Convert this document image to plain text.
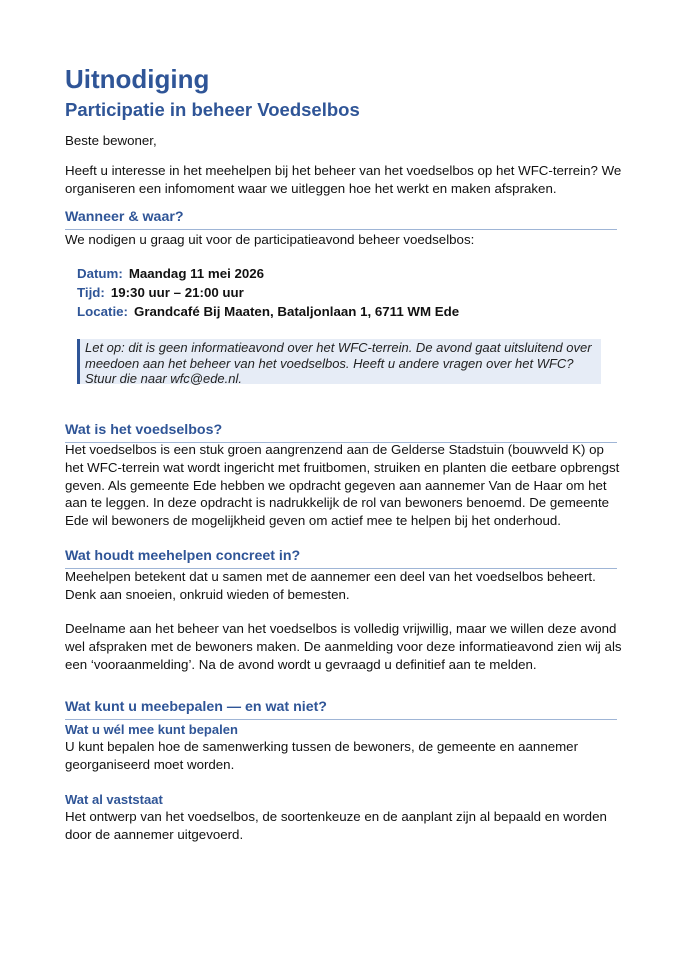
Uitnodiging
Participatie in beheer Voedselbos

Beste bewoner,

Heeft u interesse in het meehelpen bij het beheer van het voedselbos op het WFC-terrein? We organiseren een infomoment waar we uitleggen hoe het werkt en maken afspraken.

Wanneer & waar?

We nodigen u graag uit voor de participatieavond beheer voedselbos:

Datum: Maandag 11 mei 2026
Tijd: 19:30 uur – 21:00 uur
Locatie: Grandcafé Bij Maaten, Bataljonlaan 1, 6711 WM Ede

Let op: dit is geen informatieavond over het WFC-terrein. De avond gaat uitsluitend over meedoen aan het beheer van het voedselbos. Heeft u andere vragen over het WFC? Stuur die naar wfc@ede.nl.

Wat is het voedselbos?

Het voedselbos is een stuk groen aangrenzend aan de Gelderse Stadstuin (bouwveld K) op het WFC-terrein wat wordt ingericht met fruitbomen, struiken en planten die eetbare opbrengst geven. Als gemeente Ede hebben we opdracht gegeven aan aannemer Van de Haar om het aan te leggen. In deze opdracht is nadrukkelijk de rol van bewoners benoemd. De gemeente Ede wil bewoners de mogelijkheid geven om actief mee te helpen bij het onderhoud.

Wat houdt meehelpen concreet in?

Meehelpen betekent dat u samen met de aannemer een deel van het voedselbos beheert. Denk aan snoeien, onkruid wieden of bemesten.

Deelname aan het beheer van het voedselbos is volledig vrijwillig, maar we willen deze avond wel afspraken met de bewoners maken. De aanmelding voor deze informatieavond zien wij als een ‘vooraanmelding’. Na de avond wordt u gevraagd u definitief aan te melden.

Wat kunt u meebepalen — en wat niet?
Wat u wél mee kunt bepalen

U kunt bepalen hoe de samenwerking tussen de bewoners, de gemeente en aannemer georganiseerd moet worden.

Wat al vaststaat

Het ontwerp van het voedselbos, de soortenkeuze en de aanplant zijn al bepaald en worden door de aannemer uitgevoerd.
